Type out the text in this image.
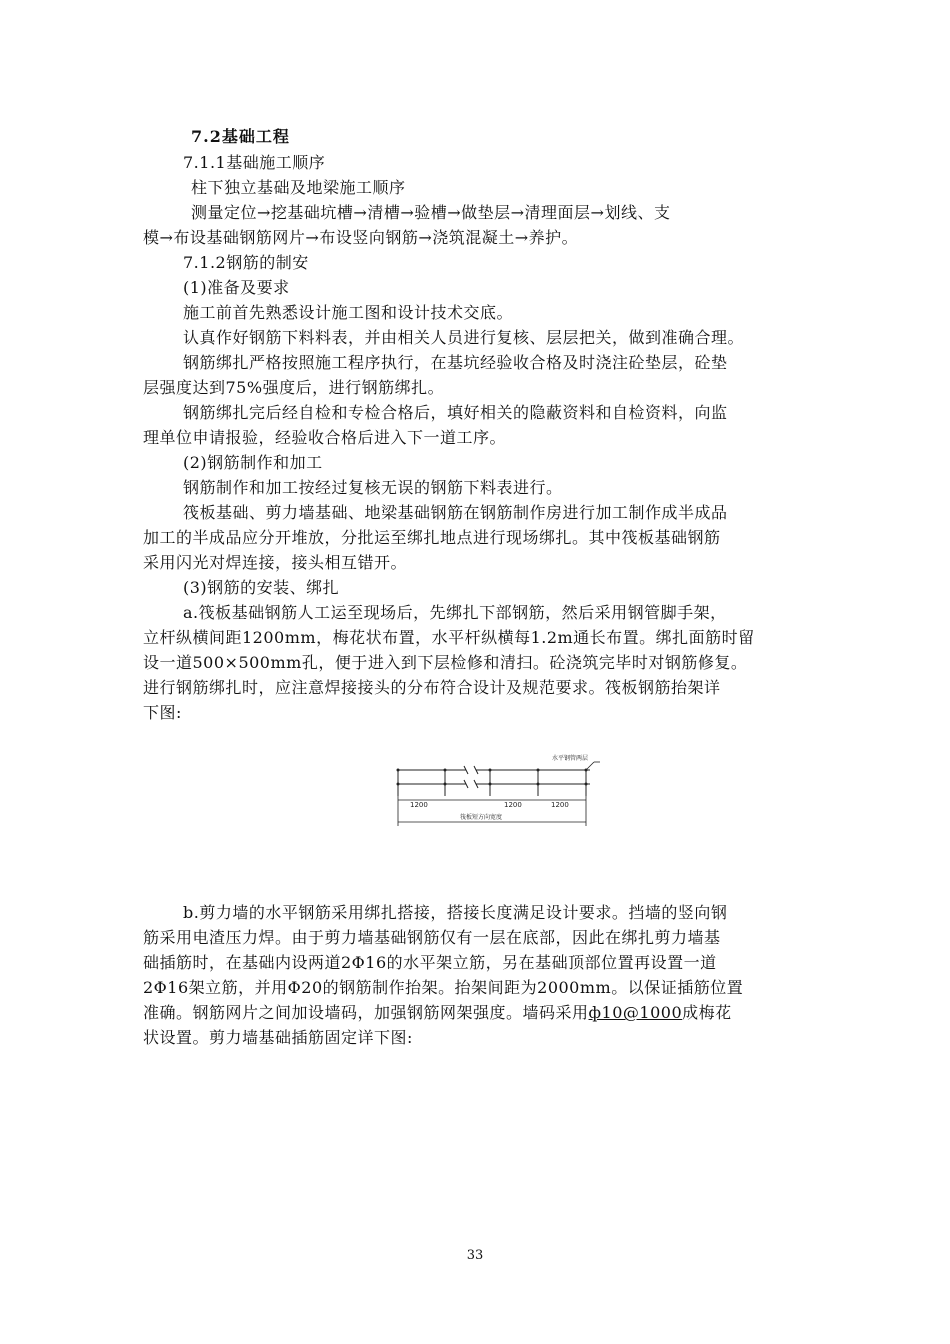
7.2基础工程
7.1.1基础施工顺序
柱下独立基础及地梁施工顺序
测量定位→挖基础坑槽→清槽→验槽→做垫层→清理面层→划线、支
模→布设基础钢筋网片→布设竖向钢筋→浇筑混凝土→养护。
7.1.2钢筋的制安
(1)准备及要求
施工前首先熟悉设计施工图和设计技术交底。
认真作好钢筋下料料表，并由相关人员进行复核、层层把关，做到准确合理。
钢筋绑扎严格按照施工程序执行，在基坑经验收合格及时浇注砼垫层，砼垫
层强度达到75%强度后，进行钢筋绑扎。
钢筋绑扎完后经自检和专检合格后，填好相关的隐蔽资料和自检资料，向监
理单位申请报验，经验收合格后进入下一道工序。
(2)钢筋制作和加工
钢筋制作和加工按经过复核无误的钢筋下料表进行。
筏板基础、剪力墙基础、地梁基础钢筋在钢筋制作房进行加工制作成半成品
加工的半成品应分开堆放，分批运至绑扎地点进行现场绑扎。其中筏板基础钢筋
采用闪光对焊连接，接头相互错开。
(3)钢筋的安装、绑扎
a.筏板基础钢筋人工运至现场后，先绑扎下部钢筋，然后采用钢管脚手架，
立杆纵横间距1200mm，梅花状布置，水平杆纵横每1.2m通长布置。绑扎面筋时留
设一道500×500mm孔，便于进入到下层检修和清扫。砼浇筑完毕时对钢筋修复。
进行钢筋绑扎时，应注意焊接接头的分布符合设计及规范要求。筏板钢筋抬架详
下图:
水平钢管两层
1200	1200	1200
筏板短方向宽度
b.剪力墙的水平钢筋采用绑扎搭接，搭接长度满足设计要求。挡墙的竖向钢
筋采用电渣压力焊。由于剪力墙基础钢筋仅有一层在底部，因此在绑扎剪力墙基
础插筋时，在基础内设两道2Φ16的水平架立筋，另在基础顶部位置再设置一道
2Φ16架立筋，并用Φ20的钢筋制作抬架。抬架间距为2000mm。以保证插筋位置
准确。钢筋网片之间加设墙码，加强钢筋网架强度。墙码采用ф10@1000成梅花
状设置。剪力墙基础插筋固定详下图:
33
